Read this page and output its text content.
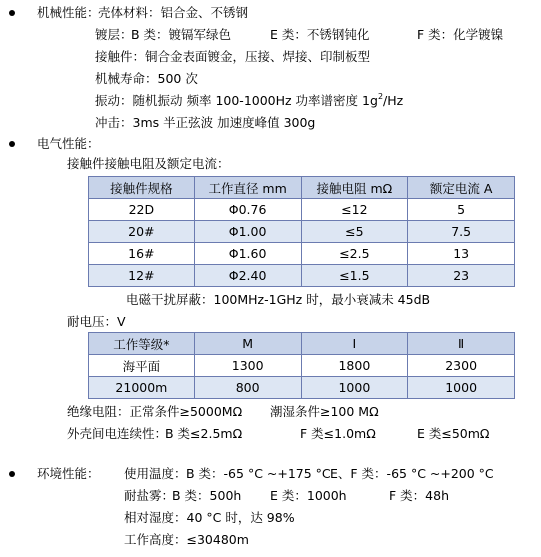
机械性能：
壳体材料：铝合金、不锈钢
镀层：
B 类：镀镉军绿色	E 类：不锈钢钝化	F 类：化学镀镍
接触件：铜合金表面镀金，压接、焊接、印制板型
机械寿命：500 次
振动：随机振动 频率 100-1000Hz 功率谱密度 $1g^2/Hz$
冲击：3ms 半正弦波 加速度峰值 300g
电气性能：
接触件接触电阻及额定电流：
接触件规格	工作直径 mm	接触电阻 mΩ	额定电流 A
22D	Φ0.76	≤12	5
20#	Φ1.00	≤5	7.5
16#	Φ1.60	≤2.5	13
12#	Φ2.40	≤1.5	23
电磁干扰屏蔽：100MHz-1GHz 时，最小衰减未 45dB
耐电压：V
工作等级*	M	Ⅰ	Ⅱ
海平面	1300	1800	2300
21000m	800	1000	1000
绝缘电阻：正常条件≥5000MΩ 潮湿条件≥100 MΩ
外壳间电连续性：
B 类≤2.5mΩ	F 类≤1.0mΩ	E 类≤50mΩ
环境性能： 使用温度： B 类：-65 °C ~+175 °C E、F 类：-65 °C ~+200 °C
耐盐雾：
B 类：500h E 类：1000h	F 类：48h
相对湿度：40 °C 时，达 98%
工作高度：≤30480m
